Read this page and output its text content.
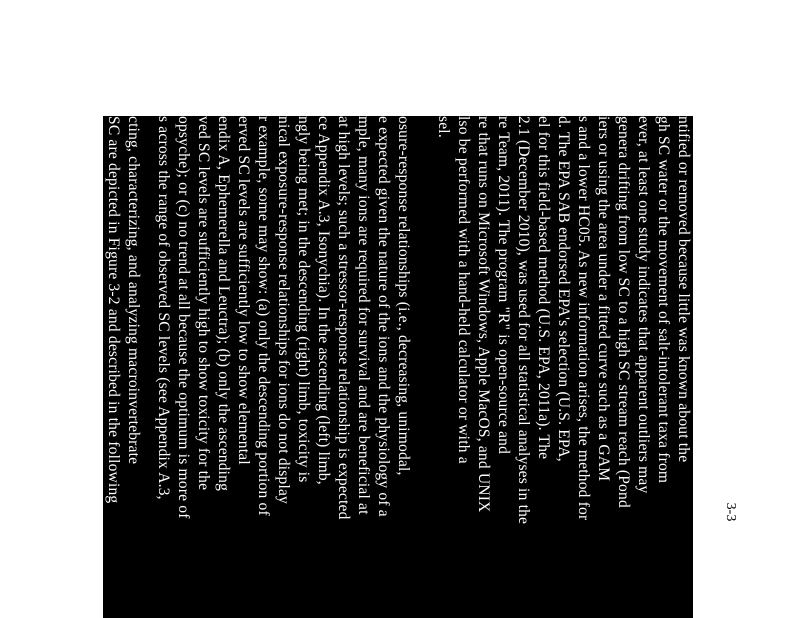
ntified or removed because little was known about the
gh SC water or the movement of salt-intolerant taxa from
ever, at least one study indicates that apparent outliers may
genera drifting from low SC to a high SC stream reach (Pond
iers or using the area under a fitted curve such as a GAM
s and a lower HC05. As new information arises, the method for
d. The EPA SAB endorsed EPA's selection (U.S. EPA,
el for this field-based method (U.S. EPA, 2011a). The
2.1 (December 2010), was used for all statistical analyses in the
re Team, 2011). The program "R" is open-source and
re that runs on Microsoft Windows, Apple MacOS, and UNIX
lso be performed with a hand-held calculator or with a
sel.
osure-response relationships (i.e., decreasing, unimodal,
e expected given the nature of the ions and the physiology of a
mple, many ions are required for survival and are beneficial at
at high levels; such a stressor-response relationship is expected
ce Appendix A.3, Isonychia). In the ascending (left) limb,
ngly being met; in the descending (right) limb, toxicity is
nical exposure-response relationships for ions do not display
r example, some may show: (a) only the descending portion of
erved SC levels are sufficiently low to show elemental
endix A, Ephemerella and Leuctra); (b) only the ascending
ved SC levels are sufficiently high to show toxicity for the
opsyche); or (c) no trend at all because the optimum is more of
s across the range of observed SC levels (see Appendix A.3,
cting, characterizing, and analyzing macroinvertebrate
SC are depicted in Figure 3-2 and described in the following
3-3
